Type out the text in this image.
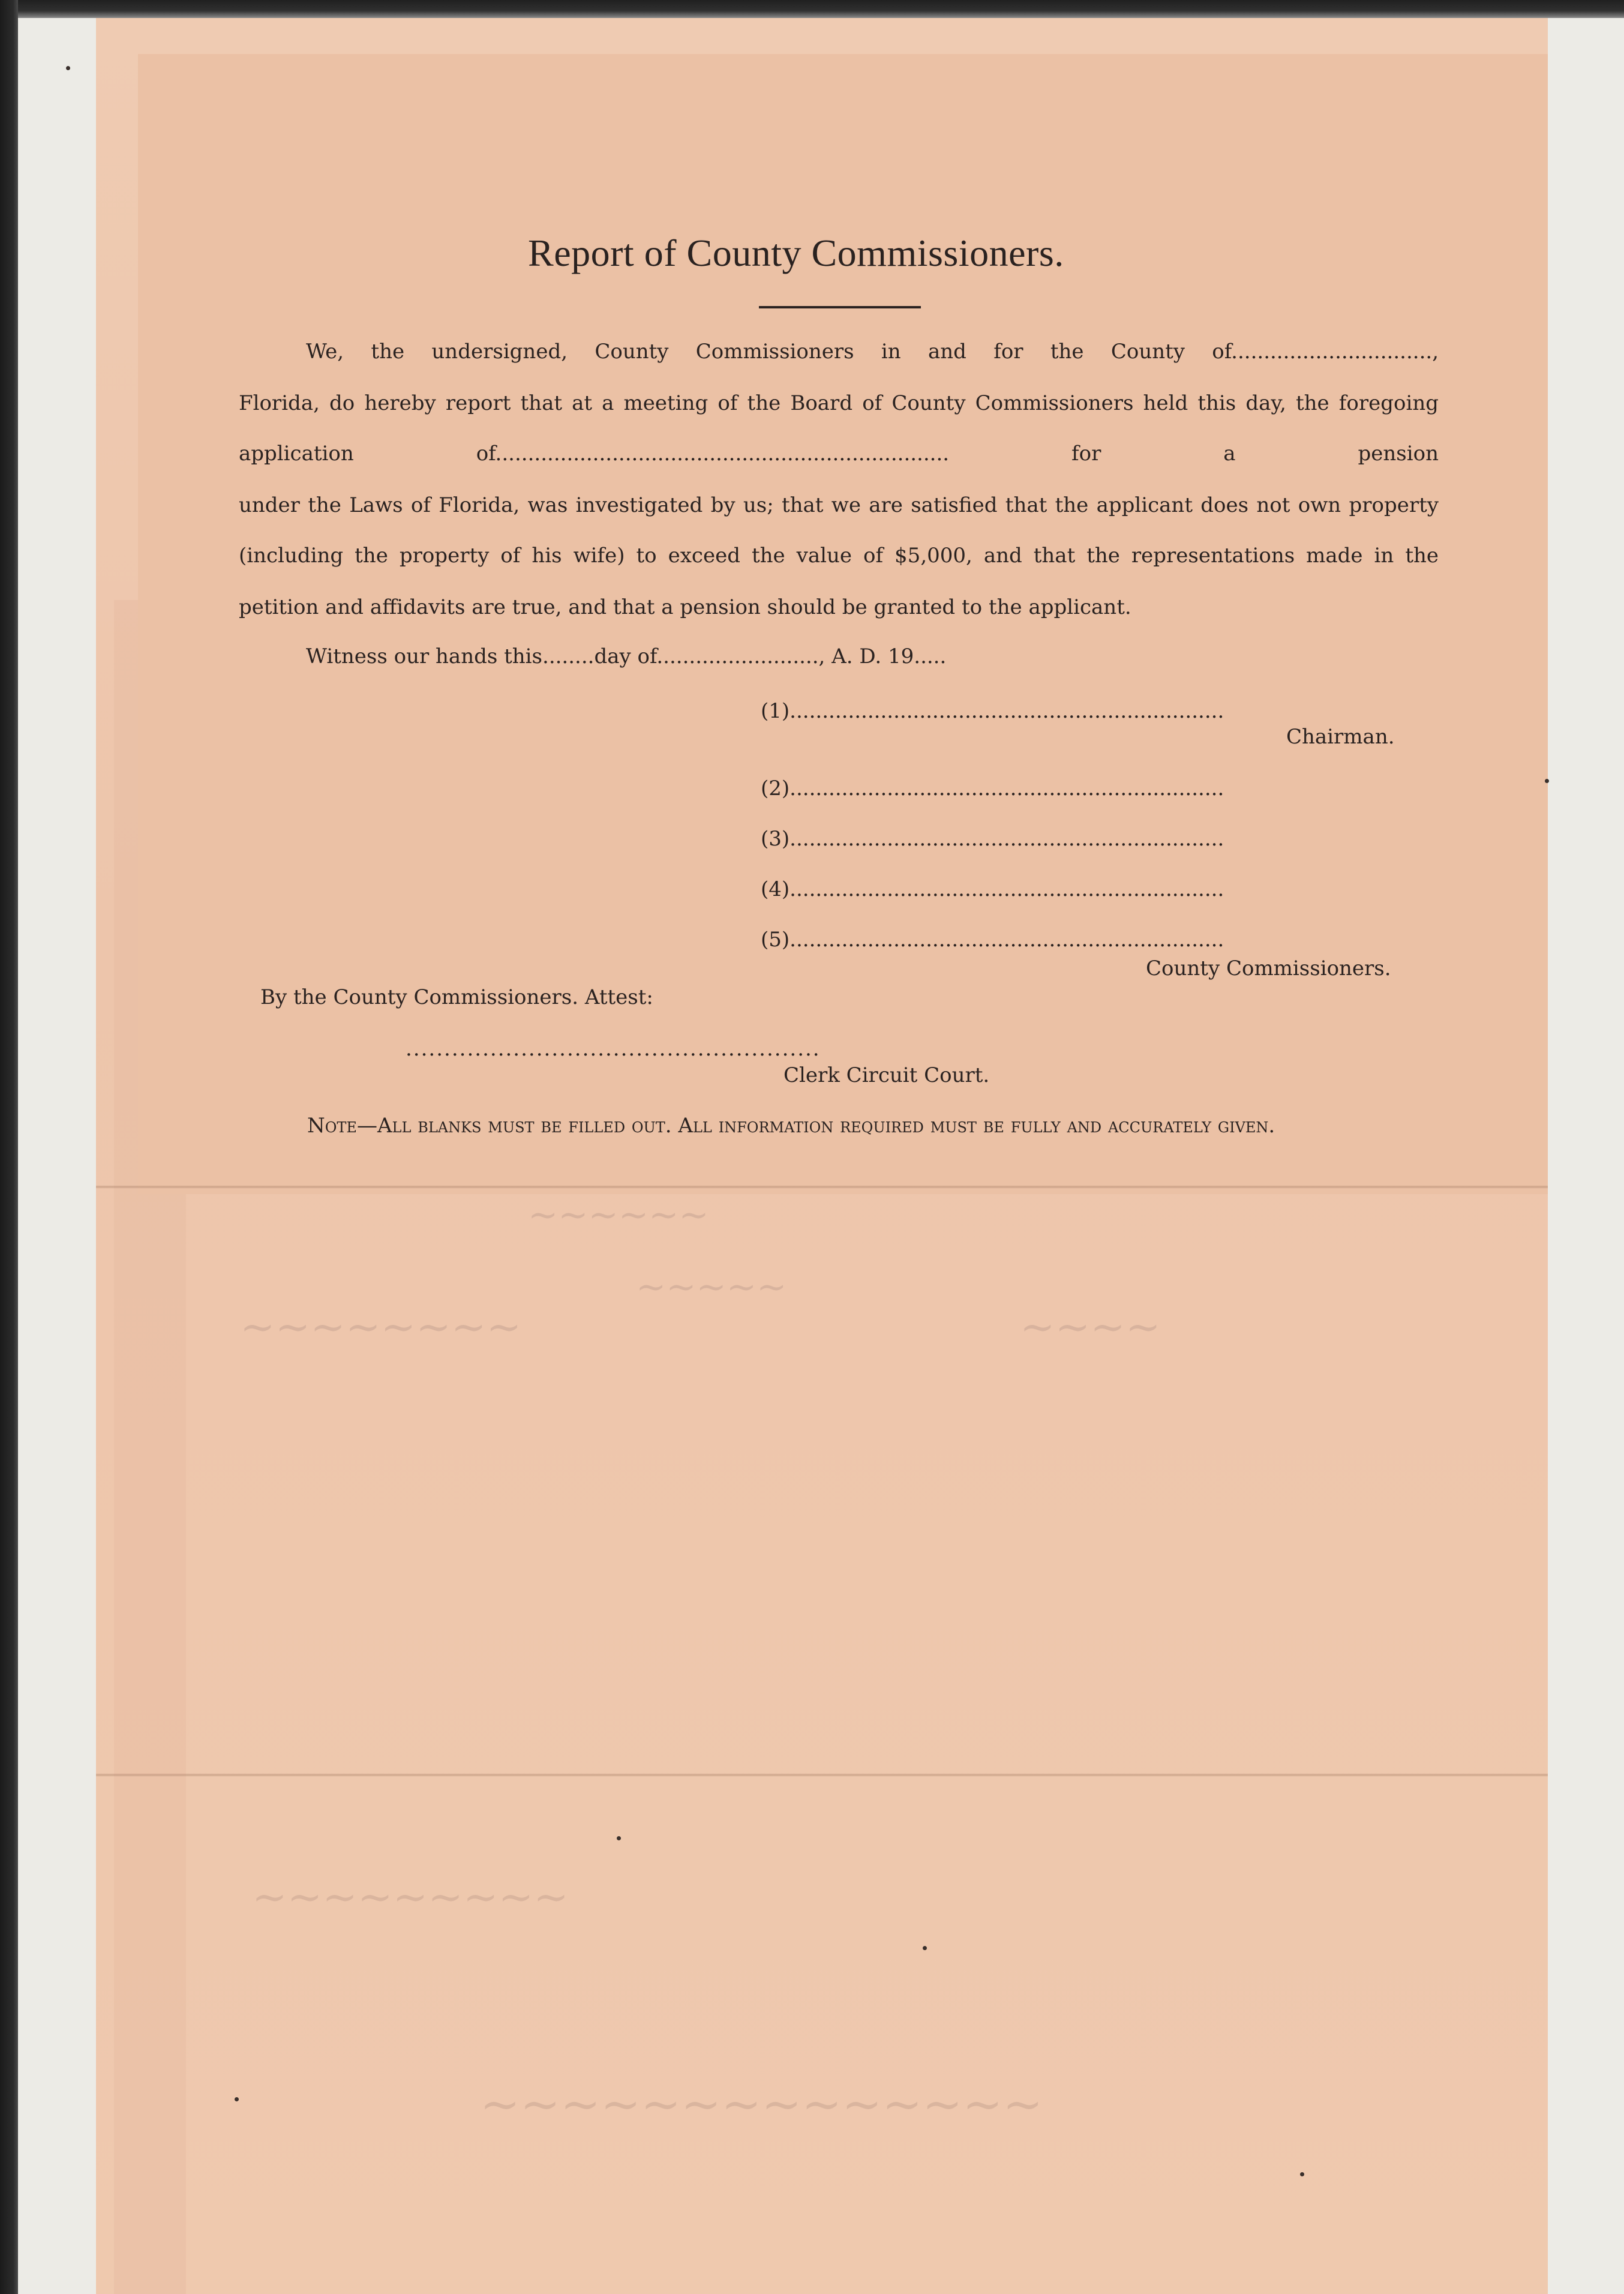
Report of County Commissioners.
We, the undersigned, County Commissioners in and for the County of...............................,
Florida, do hereby report that at a meeting of the Board of County Commissioners held this day, the foregoing
application of...................................................................... for a pension
under the Laws of Florida, was investigated by us; that we are satisfied that the applicant does not own property
(including the property of his wife) to exceed the value of $5,000, and that the representations made in the
petition and affidavits are true, and that a pension should be granted to the applicant.
Witness our hands this........day of........................., A. D. 19.....
(1)...................................................................
Chairman.
(2)...................................................................
(3)...................................................................
(4)...................................................................
(5)...................................................................
County Commissioners.
By the County Commissioners. Attest:
......................................................
Clerk Circuit Court.
Note—All blanks must be filled out. All information required must be fully and accurately given.
~~~~~~
~~~~~~~~
~~~~~
~~~~
~~~~~~~~~
~~~~~~~~~~~~~~
